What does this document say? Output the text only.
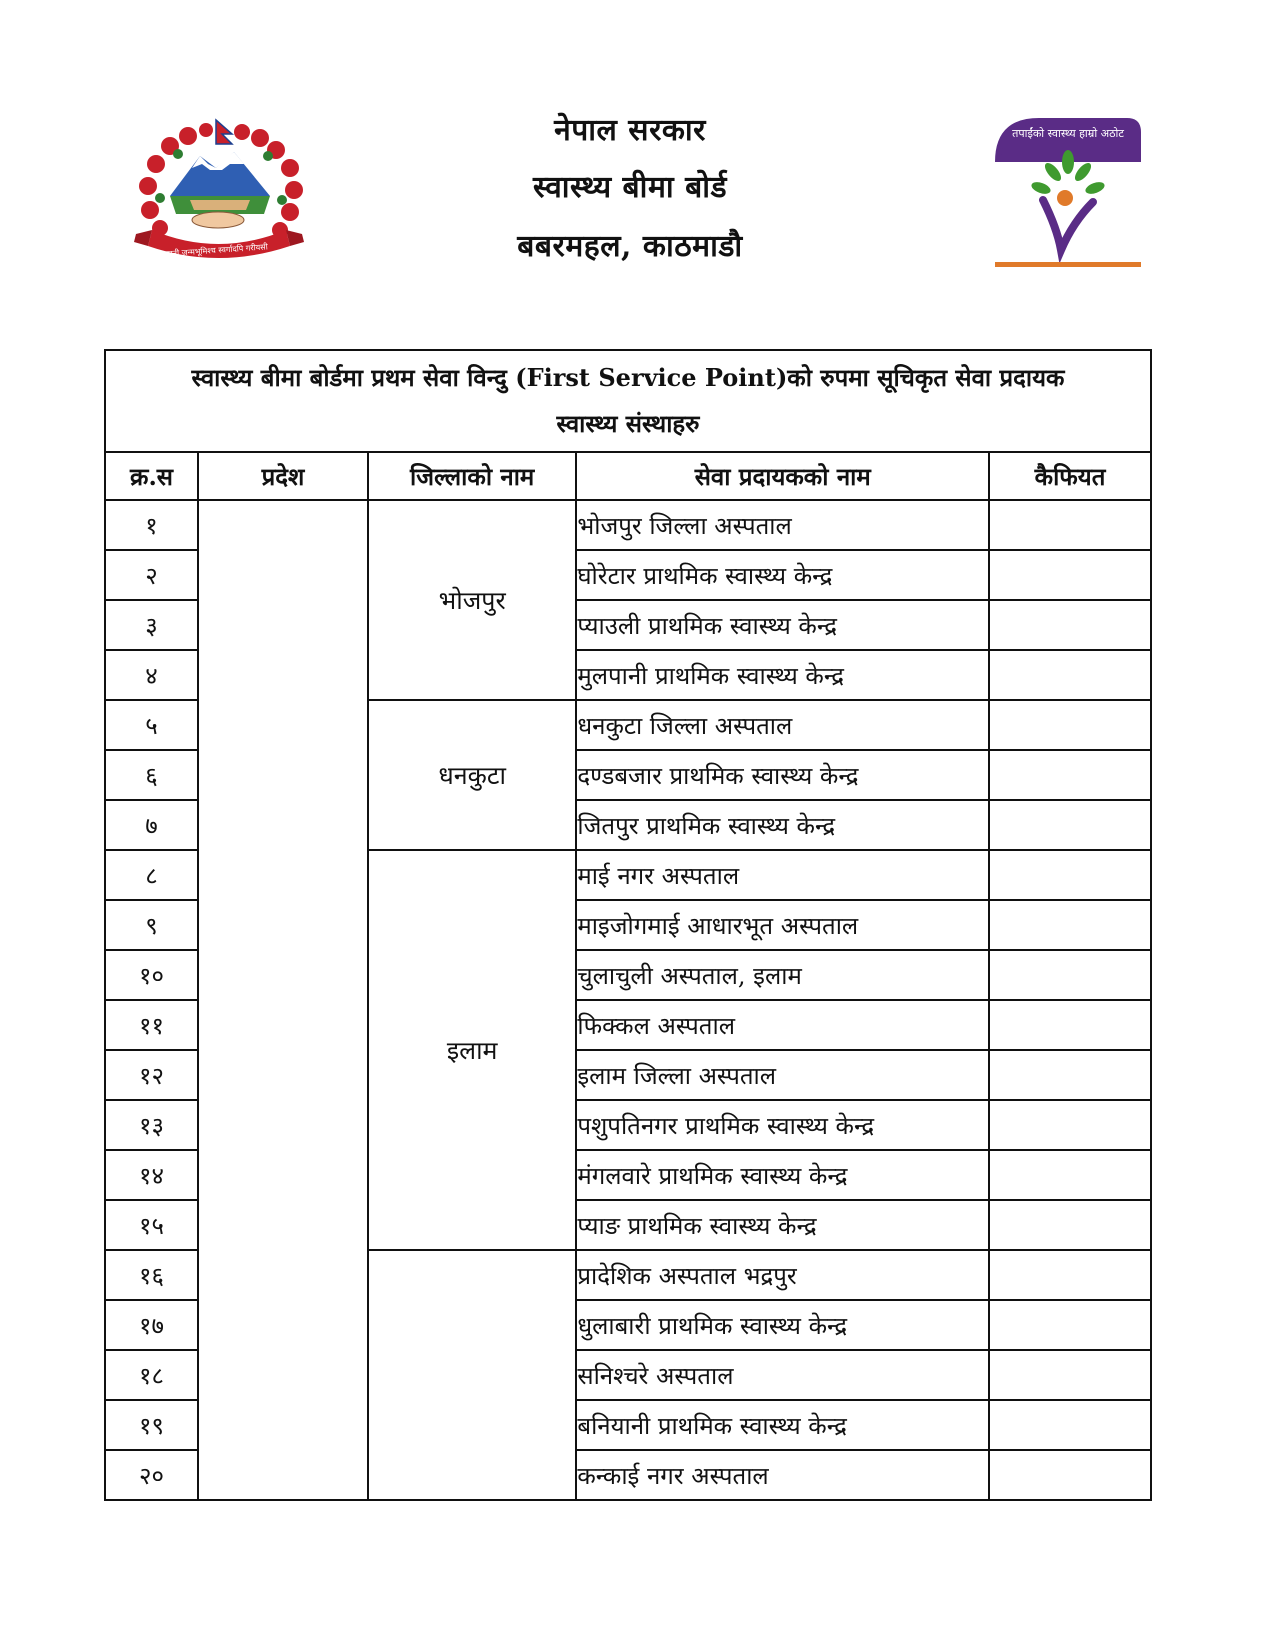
जननी जन्मभूमिश्च स्वर्गादपि गरीयसी
नेपाल सरकार
स्वास्थ्य बीमा बोर्ड
बबरमहल, काठमाडौ
तपाईंको स्वास्थ्य हाम्रो अठोट
स्वास्थ्य बीमा बोर्डमा प्रथम सेवा विन्दु (First Service Point)को रुपमा सूचिकृत सेवा प्रदायक
स्वास्थ्य संस्थाहरु				

क्र.स	प्रदेश	जिल्लाको नाम	सेवा प्रदायकको नाम	कैफियत
१		भोजपुर	भोजपुर जिल्ला अस्पताल	
२			घोरेटार प्राथमिक स्वास्थ्य केन्द्र	
३			प्याउली प्राथमिक स्वास्थ्य केन्द्र	
४			मुलपानी प्राथमिक स्वास्थ्य केन्द्र	
५		धनकुटा	धनकुटा जिल्ला अस्पताल	
६			दण्डबजार प्राथमिक स्वास्थ्य केन्द्र	
७			जितपुर प्राथमिक स्वास्थ्य केन्द्र	
८		इलाम	माई नगर अस्पताल	
९			माइजोगमाई आधारभूत अस्पताल	
१०			चुलाचुली अस्पताल, इलाम	
११			फिक्कल अस्पताल	
१२			इलाम जिल्ला अस्पताल	
१३			पशुपतिनगर प्राथमिक स्वास्थ्य केन्द्र	
१४			मंगलवारे प्राथमिक स्वास्थ्य केन्द्र	
१५			प्याङ प्राथमिक स्वास्थ्य केन्द्र	
१६			प्रादेशिक अस्पताल भद्रपुर	
१७			धुलाबारी प्राथमिक स्वास्थ्य केन्द्र	
१८			सनिश्चरे अस्पताल	
१९			बनियानी प्राथमिक स्वास्थ्य केन्द्र	
२०			कन्काई नगर अस्पताल	
